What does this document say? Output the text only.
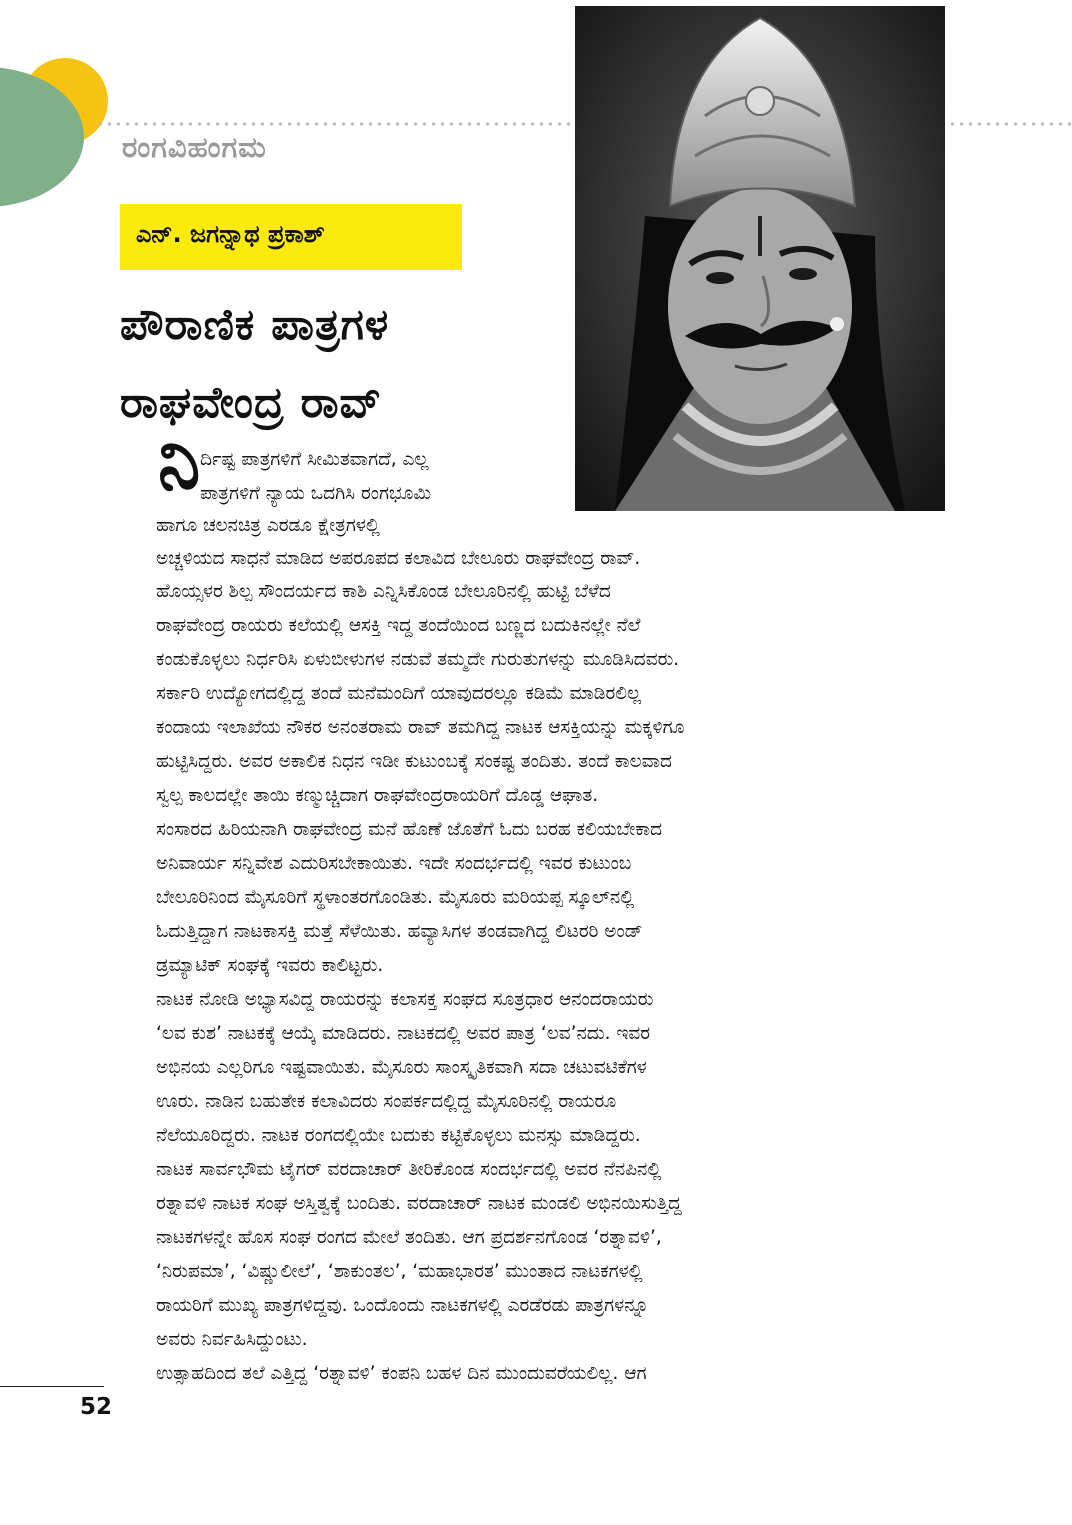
ರಂಗವಿಹಂಗಮ
ಎನ್‌. ಜಗನ್ನಾಥ ಪ್ರಕಾಶ್‌
ಪೌರಾಣಿಕ ಪಾತ್ರಗಳ
ರಾಘವೇಂದ್ರ ರಾವ್‌
ನಿ ರ್ದಿಷ್ಟ ಪಾತ್ರಗಳಿಗೆ ಸೀಮಿತವಾಗದೆ, ಎಲ್ಲ
ಪಾತ್ರಗಳಿಗೆ ನ್ಯಾಯ ಒದಗಿಸಿ ರಂಗಭೂಮಿ
ಹಾಗೂ ಚಲನಚಿತ್ರ ಎರಡೂ ಕ್ಷೇತ್ರಗಳಲ್ಲಿ
ಅಚ್ಚಳಿಯದ ಸಾಧನೆ ಮಾಡಿದ ಅಪರೂಪದ ಕಲಾವಿದ ಬೇಲೂರು ರಾಘವೇಂದ್ರ ರಾವ್‌.
ಹೊಯ್ಸಳರ ಶಿಲ್ಪ ಸೌಂದರ್ಯದ ಕಾಶಿ ಎನ್ನಿಸಿಕೊಂಡ ಬೇಲೂರಿನಲ್ಲಿ ಹುಟ್ಟಿ ಬೆಳೆದ
ರಾಘವೇಂದ್ರ ರಾಯರು ಕಲೆಯಲ್ಲಿ ಆಸಕ್ತಿ ಇದ್ದ ತಂದೆಯಿಂದ ಬಣ್ಣದ ಬದುಕಿನಲ್ಲೇ ನೆಲೆ
ಕಂಡುಕೊಳ್ಳಲು ನಿರ್ಧರಿಸಿ ಏಳುಬೀಳುಗಳ ನಡುವೆ ತಮ್ಮದೇ ಗುರುತುಗಳನ್ನು ಮೂಡಿಸಿದವರು.
ಸರ್ಕಾರಿ ಉದ್ಯೋಗದಲ್ಲಿದ್ದ ತಂದೆ ಮನೆಮಂದಿಗೆ ಯಾವುದರಲ್ಲೂ ಕಡಿಮೆ ಮಾಡಿರಲಿಲ್ಲ
ಕಂದಾಯ ಇಲಾಖೆಯ ನೌಕರ ಅನಂತರಾಮ ರಾವ್‌ ತಮಗಿದ್ದ ನಾಟಕ ಆಸಕ್ತಿಯನ್ನು ಮಕ್ಕಳಿಗೂ
ಹುಟ್ಟಿಸಿದ್ದರು. ಅವರ ಅಕಾಲಿಕ ನಿಧನ ಇಡೀ ಕುಟುಂಬಕ್ಕೆ ಸಂಕಷ್ಟ ತಂದಿತು. ತಂದೆ ಕಾಲವಾದ
ಸ್ವಲ್ಪ ಕಾಲದಲ್ಲೇ ತಾಯಿ ಕಣ್ಮುಚ್ಚಿದಾಗ ರಾಘವೇಂದ್ರರಾಯರಿಗೆ ದೊಡ್ಡ ಆಘಾತ.
ಸಂಸಾರದ ಹಿರಿಯನಾಗಿ ರಾಘವೇಂದ್ರ ಮನೆ ಹೊಣೆ ಜೊತೆಗೆ ಓದು ಬರಹ ಕಲಿಯಬೇಕಾದ
ಅನಿವಾರ್ಯ ಸನ್ನಿವೇಶ ಎದುರಿಸಬೇಕಾಯಿತು. ಇದೇ ಸಂದರ್ಭದಲ್ಲಿ ಇವರ ಕುಟುಂಬ
ಬೇಲೂರಿನಿಂದ ಮೈಸೂರಿಗೆ ಸ್ಥಳಾಂತರಗೊಂಡಿತು. ಮೈಸೂರು ಮರಿಯಪ್ಪ ಸ್ಕೂಲ್‌ನಲ್ಲಿ
ಓದುತ್ತಿದ್ದಾಗ ನಾಟಕಾಸಕ್ತಿ ಮತ್ತೆ ಸೆಳೆಯಿತು. ಹವ್ಯಾಸಿಗಳ ತಂಡವಾಗಿದ್ದ ಲಿಟರರಿ ಅಂಡ್‌
ಡ್ರಮ್ಯಾಟಿಕ್‌ ಸಂಘಕ್ಕೆ ಇವರು ಕಾಲಿಟ್ಟರು.
ನಾಟಕ ನೋಡಿ ಅಭ್ಯಾಸವಿದ್ದ ರಾಯರನ್ನು ಕಲಾಸಕ್ತ ಸಂಘದ ಸೂತ್ರಧಾರ ಆನಂದರಾಯರು
‘ಲವ ಕುಶ’ ನಾಟಕಕ್ಕೆ ಆಯ್ಕೆ ಮಾಡಿದರು. ನಾಟಕದಲ್ಲಿ ಅವರ ಪಾತ್ರ ‘ಲವ’ನದು. ಇವರ
ಅಭಿನಯ ಎಲ್ಲರಿಗೂ ಇಷ್ಟವಾಯಿತು. ಮೈಸೂರು ಸಾಂಸ್ಕೃತಿಕವಾಗಿ ಸದಾ ಚಟುವಟಿಕೆಗಳ
ಊರು. ನಾಡಿನ ಬಹುತೇಕ ಕಲಾವಿದರು ಸಂಪರ್ಕದಲ್ಲಿದ್ದ ಮೈಸೂರಿನಲ್ಲಿ ರಾಯರೂ
ನೆಲೆಯೂರಿದ್ದರು. ನಾಟಕ ರಂಗದಲ್ಲಿಯೇ ಬದುಕು ಕಟ್ಟಿಕೊಳ್ಳಲು ಮನಸ್ಸು ಮಾಡಿದ್ದರು.
ನಾಟಕ ಸಾರ್ವಭೌಮ ಟೈಗರ್‌ ವರದಾಚಾರ್‌ ತೀರಿಕೊಂಡ ಸಂದರ್ಭದಲ್ಲಿ ಅವರ ನೆನಪಿನಲ್ಲಿ
ರತ್ನಾವಳಿ ನಾಟಕ ಸಂಘ ಅಸ್ತಿತ್ವಕ್ಕೆ ಬಂದಿತು. ವರದಾಚಾರ್‌ ನಾಟಕ ಮಂಡಲಿ ಅಭಿನಯಿಸುತ್ತಿದ್ದ
ನಾಟಕಗಳನ್ನೇ ಹೊಸ ಸಂಘ ರಂಗದ ಮೇಲೆ ತಂದಿತು. ಆಗ ಪ್ರದರ್ಶನಗೊಂಡ ‘ರತ್ನಾವಳಿ’,
‘ನಿರುಪಮಾ’, ‘ವಿಷ್ಣುಲೀಲೆ’, ‘ಶಾಕುಂತಲ’, ‘ಮಹಾಭಾರತ’ ಮುಂತಾದ ನಾಟಕಗಳಲ್ಲಿ
ರಾಯರಿಗೆ ಮುಖ್ಯ ಪಾತ್ರಗಳಿದ್ದವು. ಒಂದೊಂದು ನಾಟಕಗಳಲ್ಲಿ ಎರಡೆರಡು ಪಾತ್ರಗಳನ್ನೂ
ಅವರು ನಿರ್ವಹಿಸಿದ್ದುಂಟು.
ಉತ್ಸಾಹದಿಂದ ತಲೆ ಎತ್ತಿದ್ದ ‘ರತ್ನಾವಳಿ’ ಕಂಪನಿ ಬಹಳ ದಿನ ಮುಂದುವರೆಯಲಿಲ್ಲ. ಆಗ
52
